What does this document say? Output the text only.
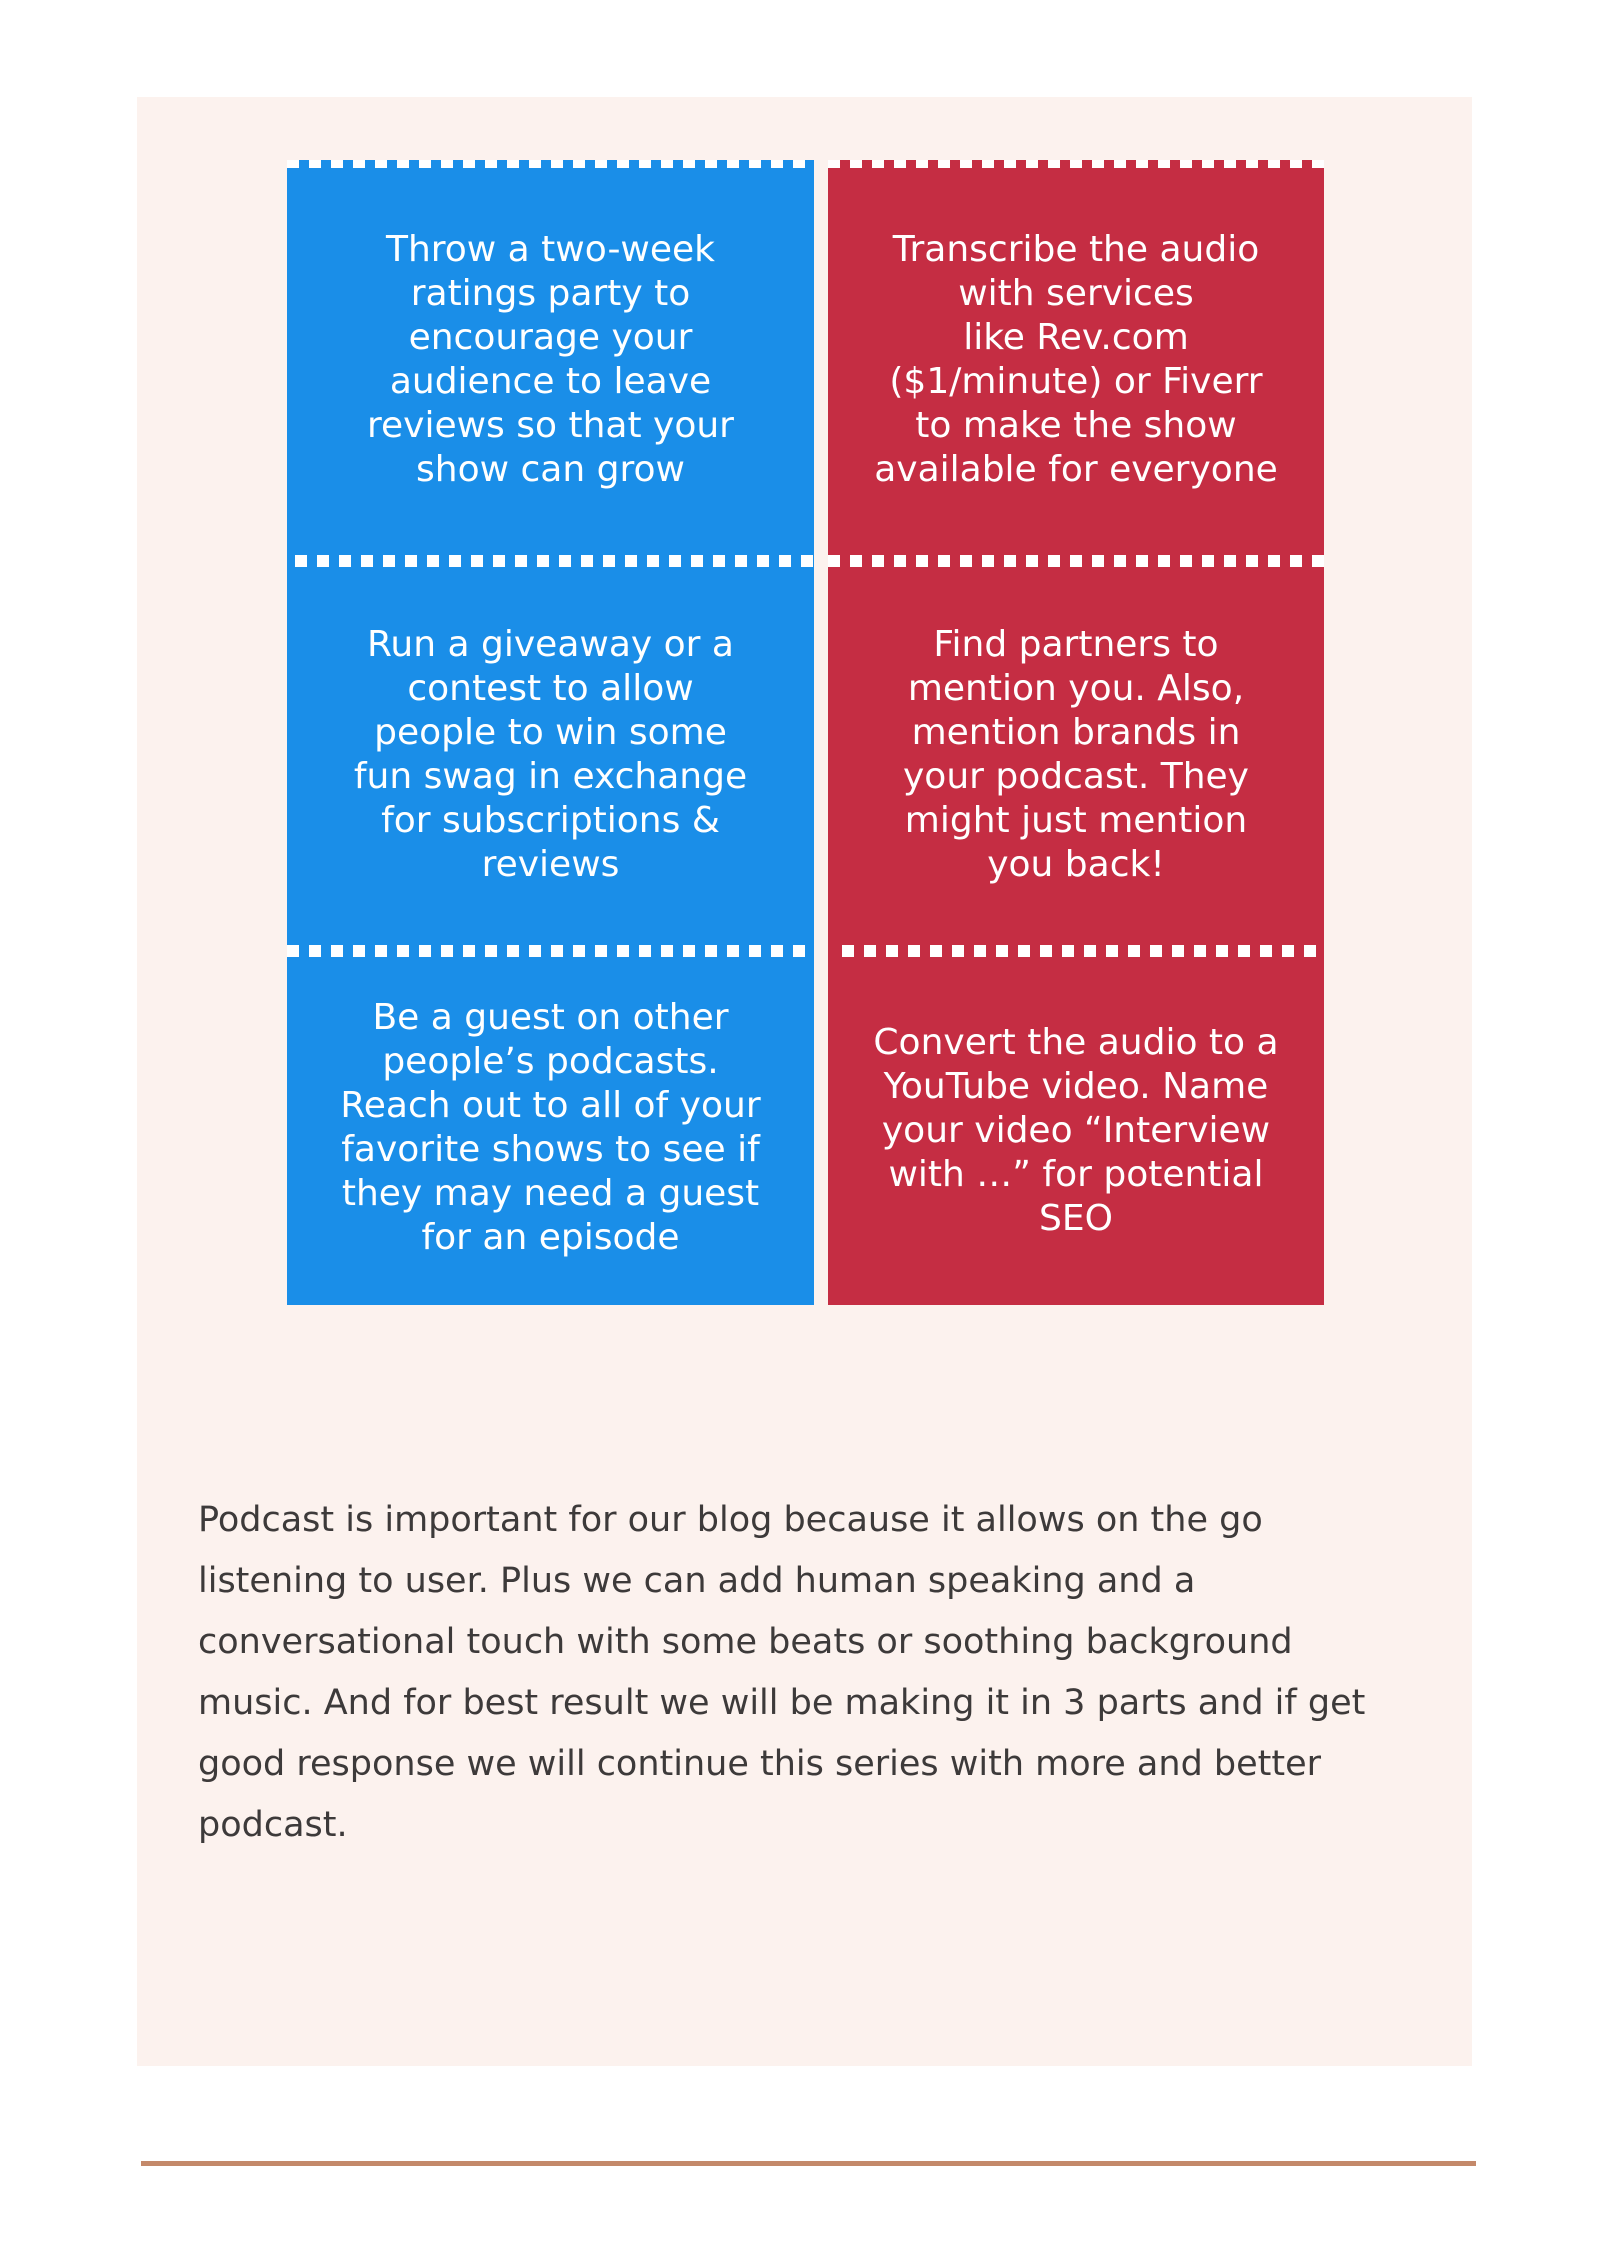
Throw a two-week
ratings party to
encourage your
audience to leave
reviews so that your
show can grow
Transcribe the audio
with services
like Rev.com
($1/minute) or Fiverr
to make the show
available for everyone
Run a giveaway or a
contest to allow
people to win some
fun swag in exchange
for subscriptions &
reviews
Find partners to
mention you. Also,
mention brands in
your podcast. They
might just mention
you back!
Be a guest on other
people’s podcasts.
Reach out to all of your
favorite shows to see if
they may need a guest
for an episode
Convert the audio to a
YouTube video. Name
your video “Interview
with …” for potential
SEO

Podcast is important for our blog because it allows on the go listening to user. Plus we can add human speaking and a conversational touch with some beats or soothing background music. And for best result we will be making it in 3 parts and if get good response we will continue this series with more and better podcast.
